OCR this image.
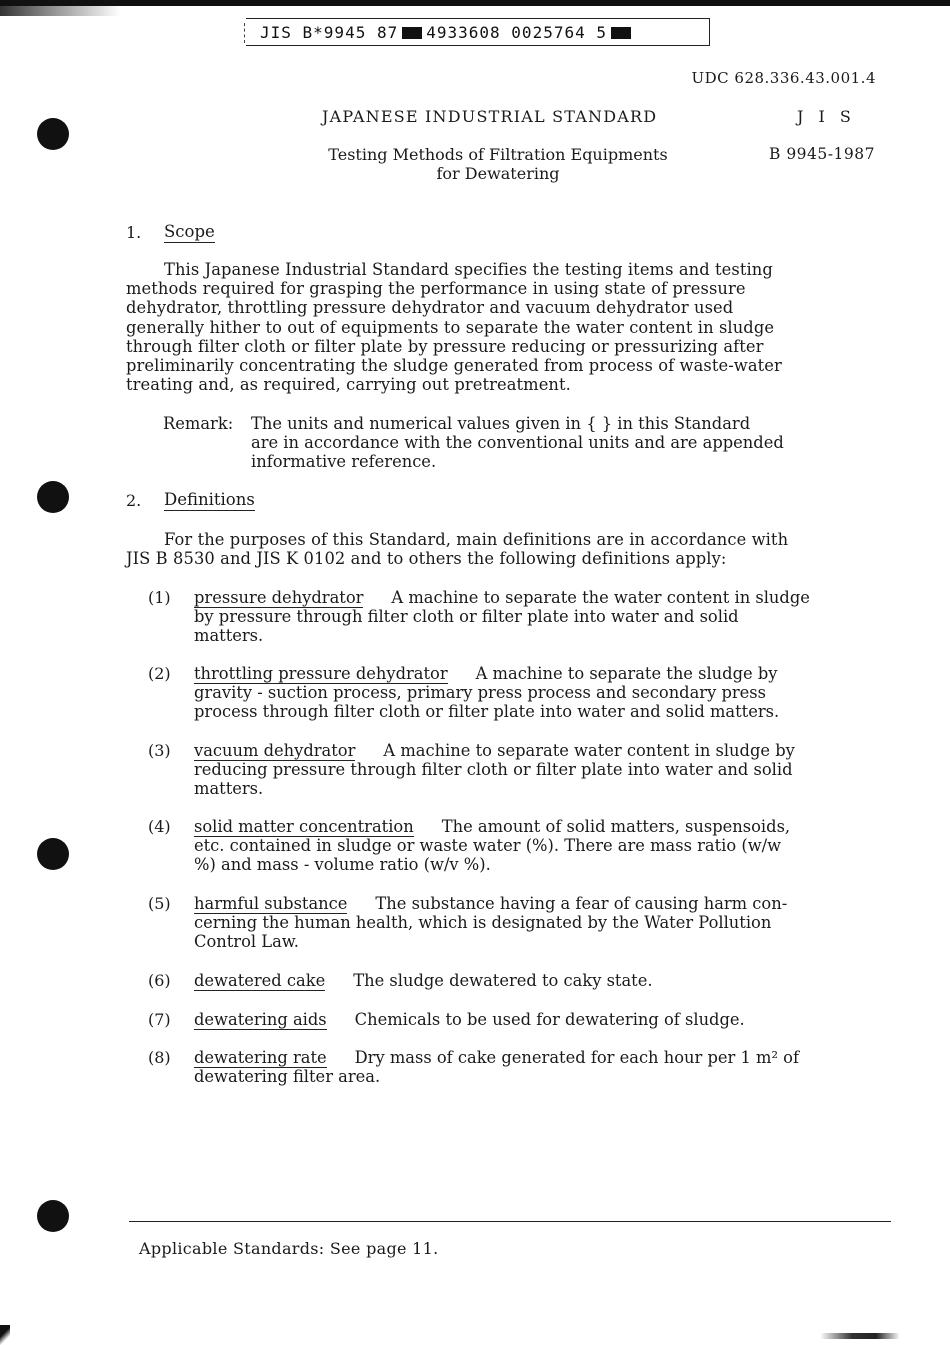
JIS B*9945 87 4933608 0025764 5
UDC 628.336.43.001.4
JAPANESE INDUSTRIAL STANDARD	J I S
Testing Methods of Filtration Equipments
for Dewatering
B 9945-1987
1. Scope
This Japanese Industrial Standard specifies the testing items and testing
methods required for grasping the performance in using state of pressure
dehydrator, throttling pressure dehydrator and vacuum dehydrator used
generally hither to out of equipments to separate the water content in sludge
through filter cloth or filter plate by pressure reducing or pressurizing after
preliminarily concentrating the sludge generated from process of waste-water
treating and, as required, carrying out pretreatment.
Remark: The units and numerical values given in { } in this Standard
are in accordance with the conventional units and are appended
informative reference.
2. Definitions
For the purposes of this Standard, main definitions are in accordance with
JIS B 8530 and JIS K 0102 and to others the following definitions apply:
(1) pressure dehydrator A machine to separate the water content in sludge
by pressure through filter cloth or filter plate into water and solid
matters.
(2) throttling pressure dehydrator A machine to separate the sludge by
gravity - suction process, primary press process and secondary press
process through filter cloth or filter plate into water and solid matters.
(3) vacuum dehydrator A machine to separate water content in sludge by
reducing pressure through filter cloth or filter plate into water and solid
matters.
(4) solid matter concentration The amount of solid matters, suspensoids,
etc. contained in sludge or waste water (%). There are mass ratio (w/w
%) and mass - volume ratio (w/v %).
(5) harmful substance The substance having a fear of causing harm con-
cerning the human health, which is designated by the Water Pollution
Control Law.
(6) dewatered cake The sludge dewatered to caky state.
(7) dewatering aids Chemicals to be used for dewatering of sludge.
(8) dewatering rate Dry mass of cake generated for each hour per 1 m² of
dewatering filter area.
Applicable Standards: See page 11.
